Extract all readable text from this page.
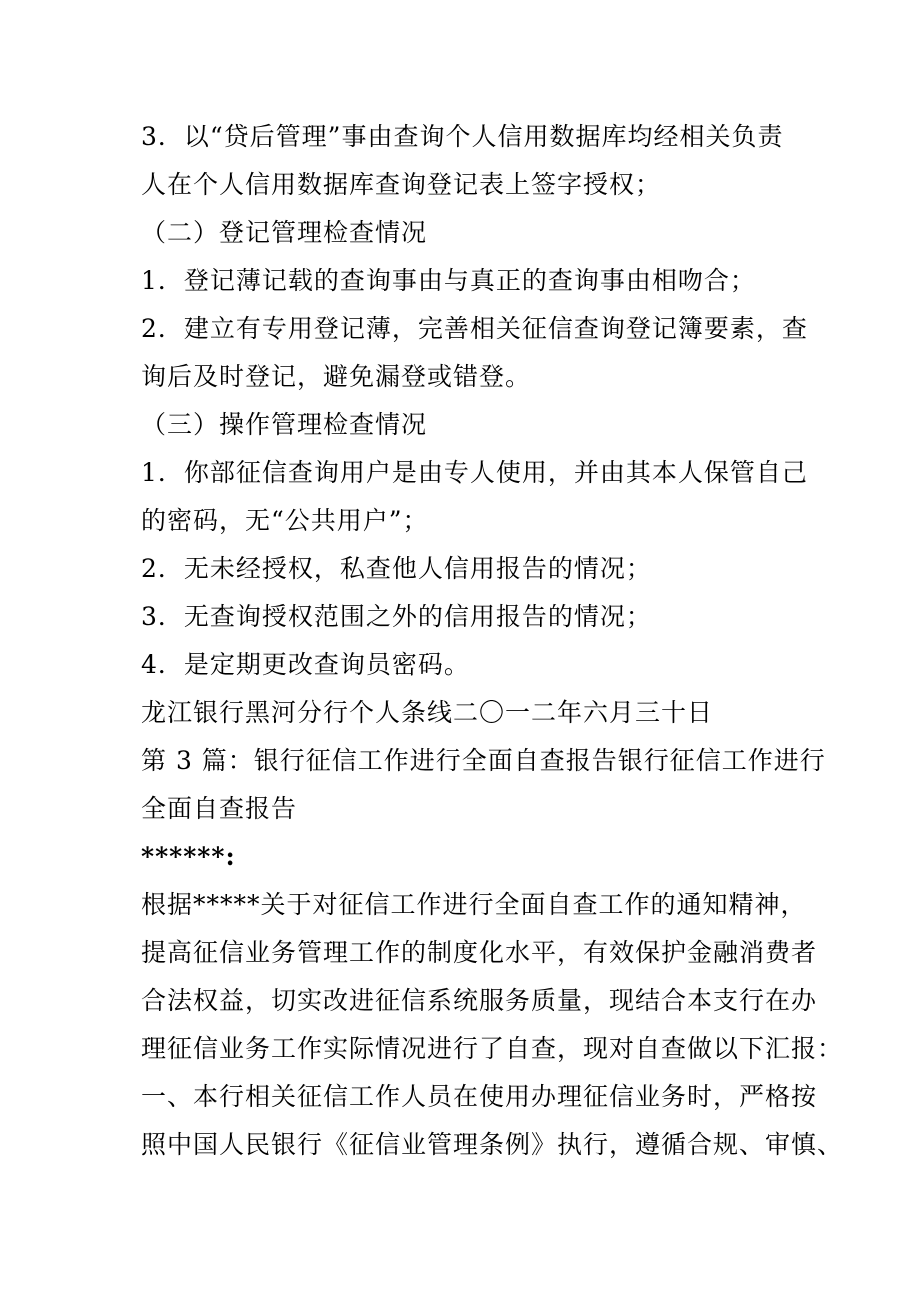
3．以“贷后管理”事由查询个人信用数据库均经相关负责
人在个人信用数据库查询登记表上签字授权；
（二）登记管理检查情况
1．登记薄记载的查询事由与真正的查询事由相吻合；
2．建立有专用登记薄，完善相关征信查询登记簿要素，查
询后及时登记，避免漏登或错登。
（三）操作管理检查情况
1．你部征信查询用户是由专人使用，并由其本人保管自己
的密码，无“公共用户”；
2．无未经授权，私查他人信用报告的情况；
3．无查询授权范围之外的信用报告的情况；
4．是定期更改查询员密码。
龙江银行黑河分行个人条线二〇一二年六月三十日
第 3 篇：银行征信工作进行全面自查报告银行征信工作进行
全面自查报告
******:
根据*****关于对征信工作进行全面自查工作的通知精神，
提高征信业务管理工作的制度化水平，有效保护金融消费者
合法权益，切实改进征信系统服务质量，现结合本支行在办
理征信业务工作实际情况进行了自查，现对自查做以下汇报：
一、本行相关征信工作人员在使用办理征信业务时，严格按
照中国人民银行《征信业管理条例》执行，遵循合规、审慎、
